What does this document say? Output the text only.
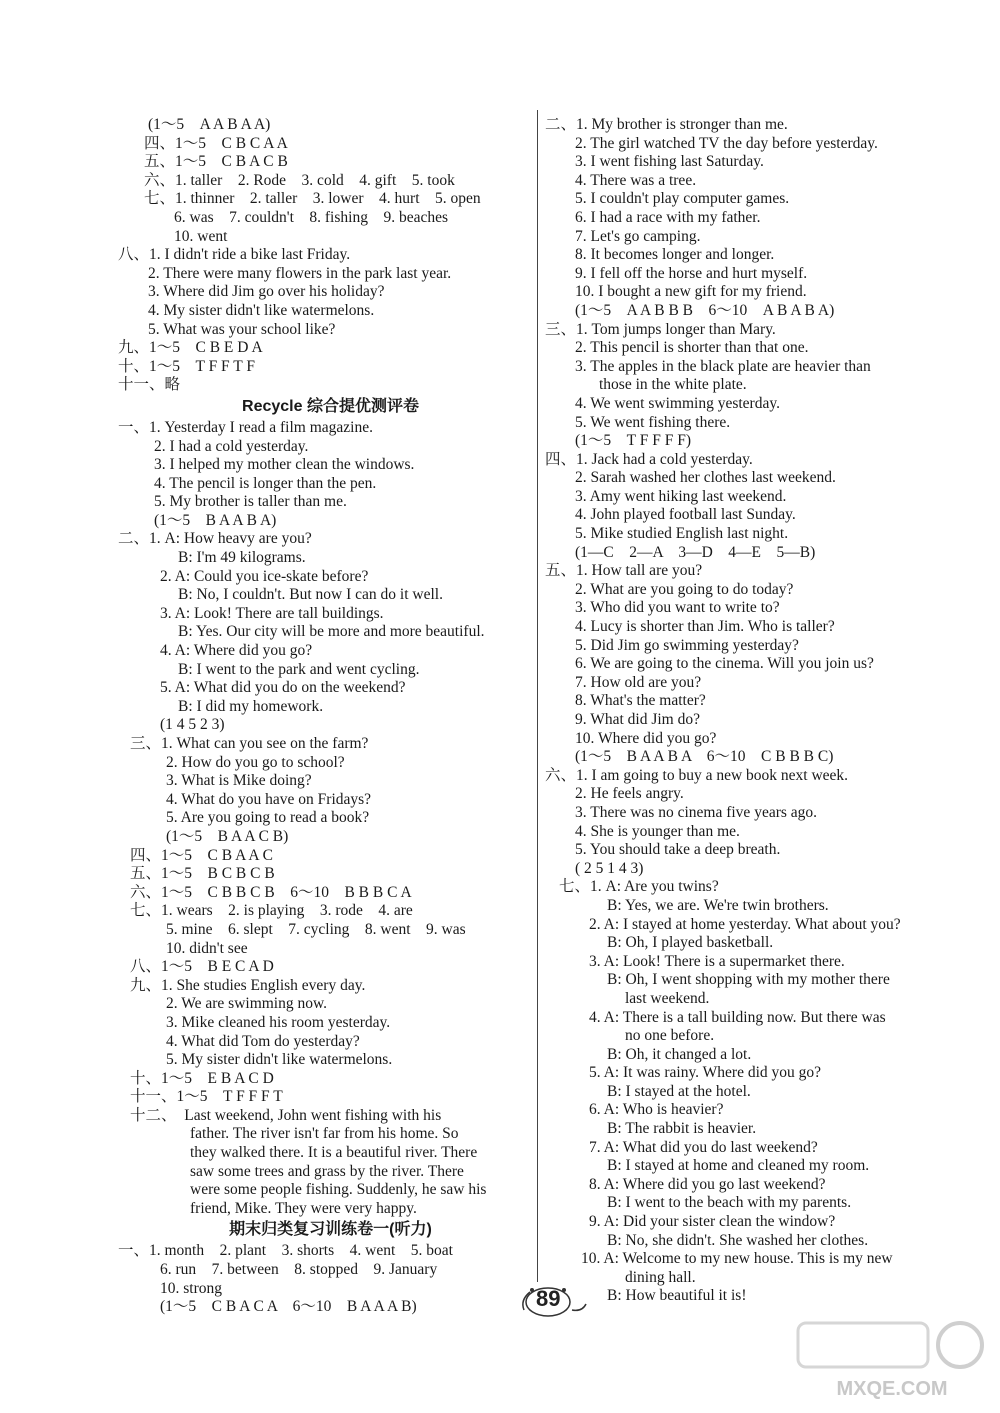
(1～5　A A B A A)
四、1～5　C B C A A
五、1～5　C B A C B
六、1. taller　2. Rode　3. cold　4. gift　5. took
七、1. thinner　2. taller　3. lower　4. hurt　5. open
6. was　7. couldn't　8. fishing　9. beaches
10. went
八、1. I didn't ride a bike last Friday.
2. There were many flowers in the park last year.
3. Where did Jim go over his holiday?
4. My sister didn't like watermelons.
5. What was your school like?
九、1～5　C B E D A
十、1～5　T F F T F
十一、略
Recycle 综合提优测评卷
一、1. Yesterday I read a film magazine.
2. I had a cold yesterday.
3. I helped my mother clean the windows.
4. The pencil is longer than the pen.
5. My brother is taller than me.
(1～5　B A A B A)
二、1. A: How heavy are you?
B: I'm 49 kilograms.
2. A: Could you ice-skate before?
B: No, I couldn't. But now I can do it well.
3. A: Look! There are tall buildings.
B: Yes. Our city will be more and more beautiful.
4. A: Where did you go?
B: I went to the park and went cycling.
5. A: What did you do on the weekend?
B: I did my homework.
(1 4 5 2 3)
三、1. What can you see on the farm?
2. How do you go to school?
3. What is Mike doing?
4. What do you have on Fridays?
5. Are you going to read a book?
(1～5　B A A C B)
四、1～5　C B A A C
五、1～5　B C B C B
六、1～5　C B B C B　6～10　B B B C A
七、1. wears　2. is playing　3. rode　4. are
5. mine　6. slept　7. cycling　8. went　9. was
10. didn't see
八、1～5　B E C A D
九、1. She studies English every day.
2. We are swimming now.
3. Mike cleaned his room yesterday.
4. What did Tom do yesterday?
5. My sister didn't like watermelons.
十、1～5　E B A C D
十一、1～5　T F F F T
十二、　Last weekend, John went fishing with his
father. The river isn't far from his home. So
they walked there. It is a beautiful river. There
saw some trees and grass by the river. There
were some people fishing. Suddenly, he saw his
friend, Mike. They were very happy.
期末归类复习训练卷一(听力)
一、1. month　2. plant　3. shorts　4. went　5. boat
6. run　7. between　8. stopped　9. January
10. strong
(1～5　C B A C A　6～10　B A A A B)
二、1. My brother is stronger than me.
2. The girl watched TV the day before yesterday.
3. I went fishing last Saturday.
4. There was a tree.
5. I couldn't play computer games.
6. I had a race with my father.
7. Let's go camping.
8. It becomes longer and longer.
9. I fell off the horse and hurt myself.
10. I bought a new gift for my friend.
(1～5　A A B B B　6～10　A B A B A)
三、1. Tom jumps longer than Mary.
2. This pencil is shorter than that one.
3. The apples in the black plate are heavier than
those in the white plate.
4. We went swimming yesterday.
5. We went fishing there.
(1～5　T F F F F)
四、1. Jack had a cold yesterday.
2. Sarah washed her clothes last weekend.
3. Amy went hiking last weekend.
4. John played football last Sunday.
5. Mike studied English last night.
(1—C　2—A　3—D　4—E　5—B)
五、1. How tall are you?
2. What are you going to do today?
3. Who did you want to write to?
4. Lucy is shorter than Jim. Who is taller?
5. Did Jim go swimming yesterday?
6. We are going to the cinema. Will you join us?
7. How old are you?
8. What's the matter?
9. What did Jim do?
10. Where did you go?
(1～5　B A A B A　6～10　C B B B C)
六、1. I am going to buy a new book next week.
2. He feels angry.
3. There was no cinema five years ago.
4. She is younger than me.
5. You should take a deep breath.
( 2 5 1 4 3)
七、1. A: Are you twins?
B: Yes, we are. We're twin brothers.
2. A: I stayed at home yesterday. What about you?
B: Oh, I played basketball.
3. A: Look! There is a supermarket there.
B: Oh, I went shopping with my mother there
last weekend.
4. A: There is a tall building now. But there was
no one before.
B: Oh, it changed a lot.
5. A: It was rainy. Where did you go?
B: I stayed at the hotel.
6. A: Who is heavier?
B: The rabbit is heavier.
7. A: What did you do last weekend?
B: I stayed at home and cleaned my room.
8. A: Where did you go last weekend?
B: I went to the beach with my parents.
9. A: Did your sister clean the window?
B: No, she didn't. She washed her clothes.
10. A: Welcome to my new house. This is my new
dining hall.
B: How beautiful it is!
89
MXQE.COM
